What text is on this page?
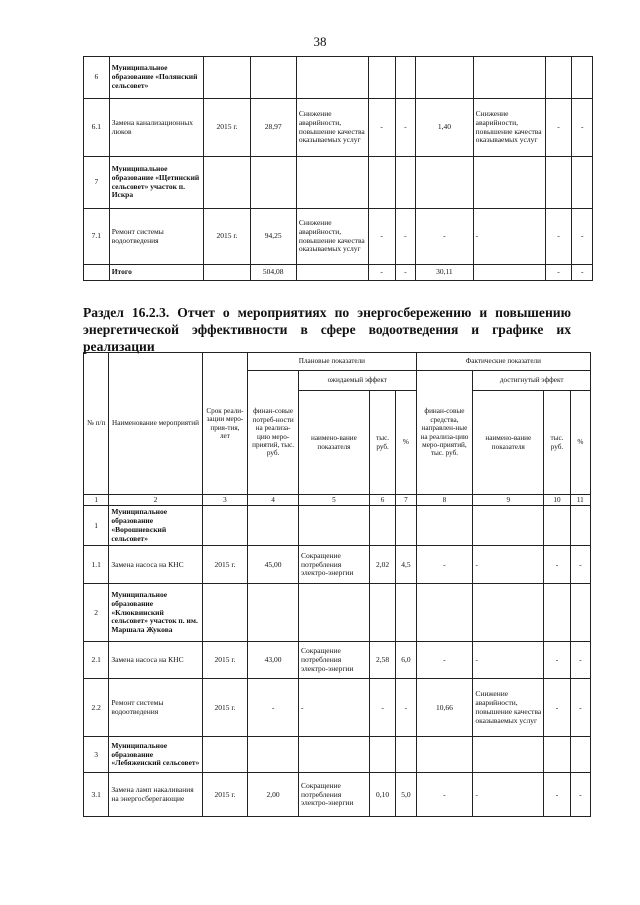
38
6	Муниципальное образование «Полянский сельсовет»									
6.1	Замена канализационных люков	2015 г.	28,97	Снижение аварийности, повышение качества оказываемых услуг	-	-	1,40	Снижение аварийности, повышение качества оказываемых услуг	-	-
7	Муниципальное образование «Щетинский сельсовет» участок п. Искра									
7.1	Ремонт системы водоотведения	2015 г.	94,25	Снижение аварийности, повышение качества оказываемых услуг	-	-	-	-	-	-
	Итого		504,08		-	-	30,11		-	-
Раздел 16.2.3. Отчет о мероприятиях по энергосбережению и повышению энергетической эффективности в сфере водоотведения и графике их реализации
№ п/п	Наименование мероприятий	Срок реали-зации меро-прия-тия, лет	Плановые показатели				Фактические показатели			
			финан-совые потреб-ности на реализа-цию меро-приятий, тыс. руб.	ожидаемый эффект			финан-совые средства, направлен-ные на реализа-цию меро-приятий, тыс. руб.	достигнутый эффект		
				наимено-вание показателя	тыс. руб.	%		наимено-вание показателя	тыс. руб.	%
1	2	3	4	5	6	7	8	9	10	11
1	Муниципальное образование «Ворошневский сельсовет»									
1.1	Замена насоса на КНС	2015 г.	45,00	Сокращение потребления электро-энергии	2,02	4,5	-	-	-	-
2	Муниципальное образование «Клюквинский сельсовет» участок п. им. Маршала Жукова									
2.1	Замена насоса на КНС	2015 г.	43,00	Сокращение потребления электро-энергии	2,58	6,0	-	-	-	-
2.2	Ремонт системы водоотведения	2015 г.	-	-	-	-	10,66	Снижение аварийности, повышение качества оказываемых услуг	-	-
3	Муниципальное образование «Лебяженский сельсовет»									
3.1	Замена ламп накаливания на энергосберегающие	2015 г.	2,00	Сокращение потребления электро-энергии	0,10	5,0	-	-	-	-
